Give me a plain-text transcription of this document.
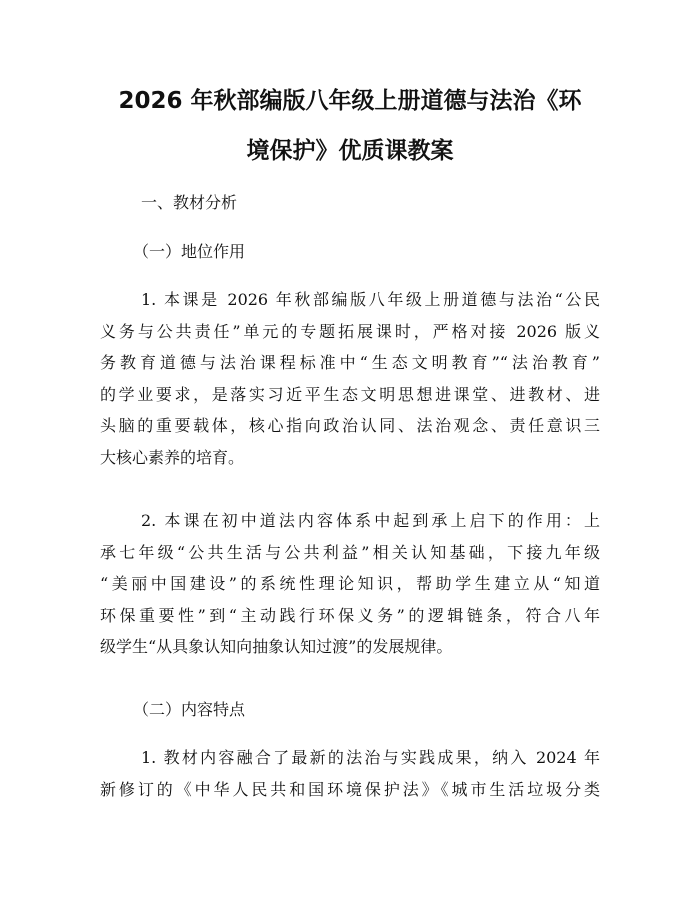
2026 年秋部编版八年级上册道德与法治《环
境保护》优质课教案
一、教材分析
（一）地位作用
1. 本课是 2026 年秋部编版八年级上册道德与法治“公民
义务与公共责任”单元的专题拓展课时，严格对接 2026 版义
务教育道德与法治课程标准中“生态文明教育”“法治教育”
的学业要求，是落实习近平生态文明思想进课堂、进教材、进
头脑的重要载体，核心指向政治认同、法治观念、责任意识三
大核心素养的培育。
2. 本课在初中道法内容体系中起到承上启下的作用：上
承七年级“公共生活与公共利益”相关认知基础，下接九年级
“美丽中国建设”的系统性理论知识，帮助学生建立从“知道
环保重要性”到“主动践行环保义务”的逻辑链条，符合八年
级学生“从具象认知向抽象认知过渡”的发展规律。
（二）内容特点
1. 教材内容融合了最新的法治与实践成果，纳入 2024 年
新修订的《中华人民共和国环境保护法》《城市生活垃圾分类
